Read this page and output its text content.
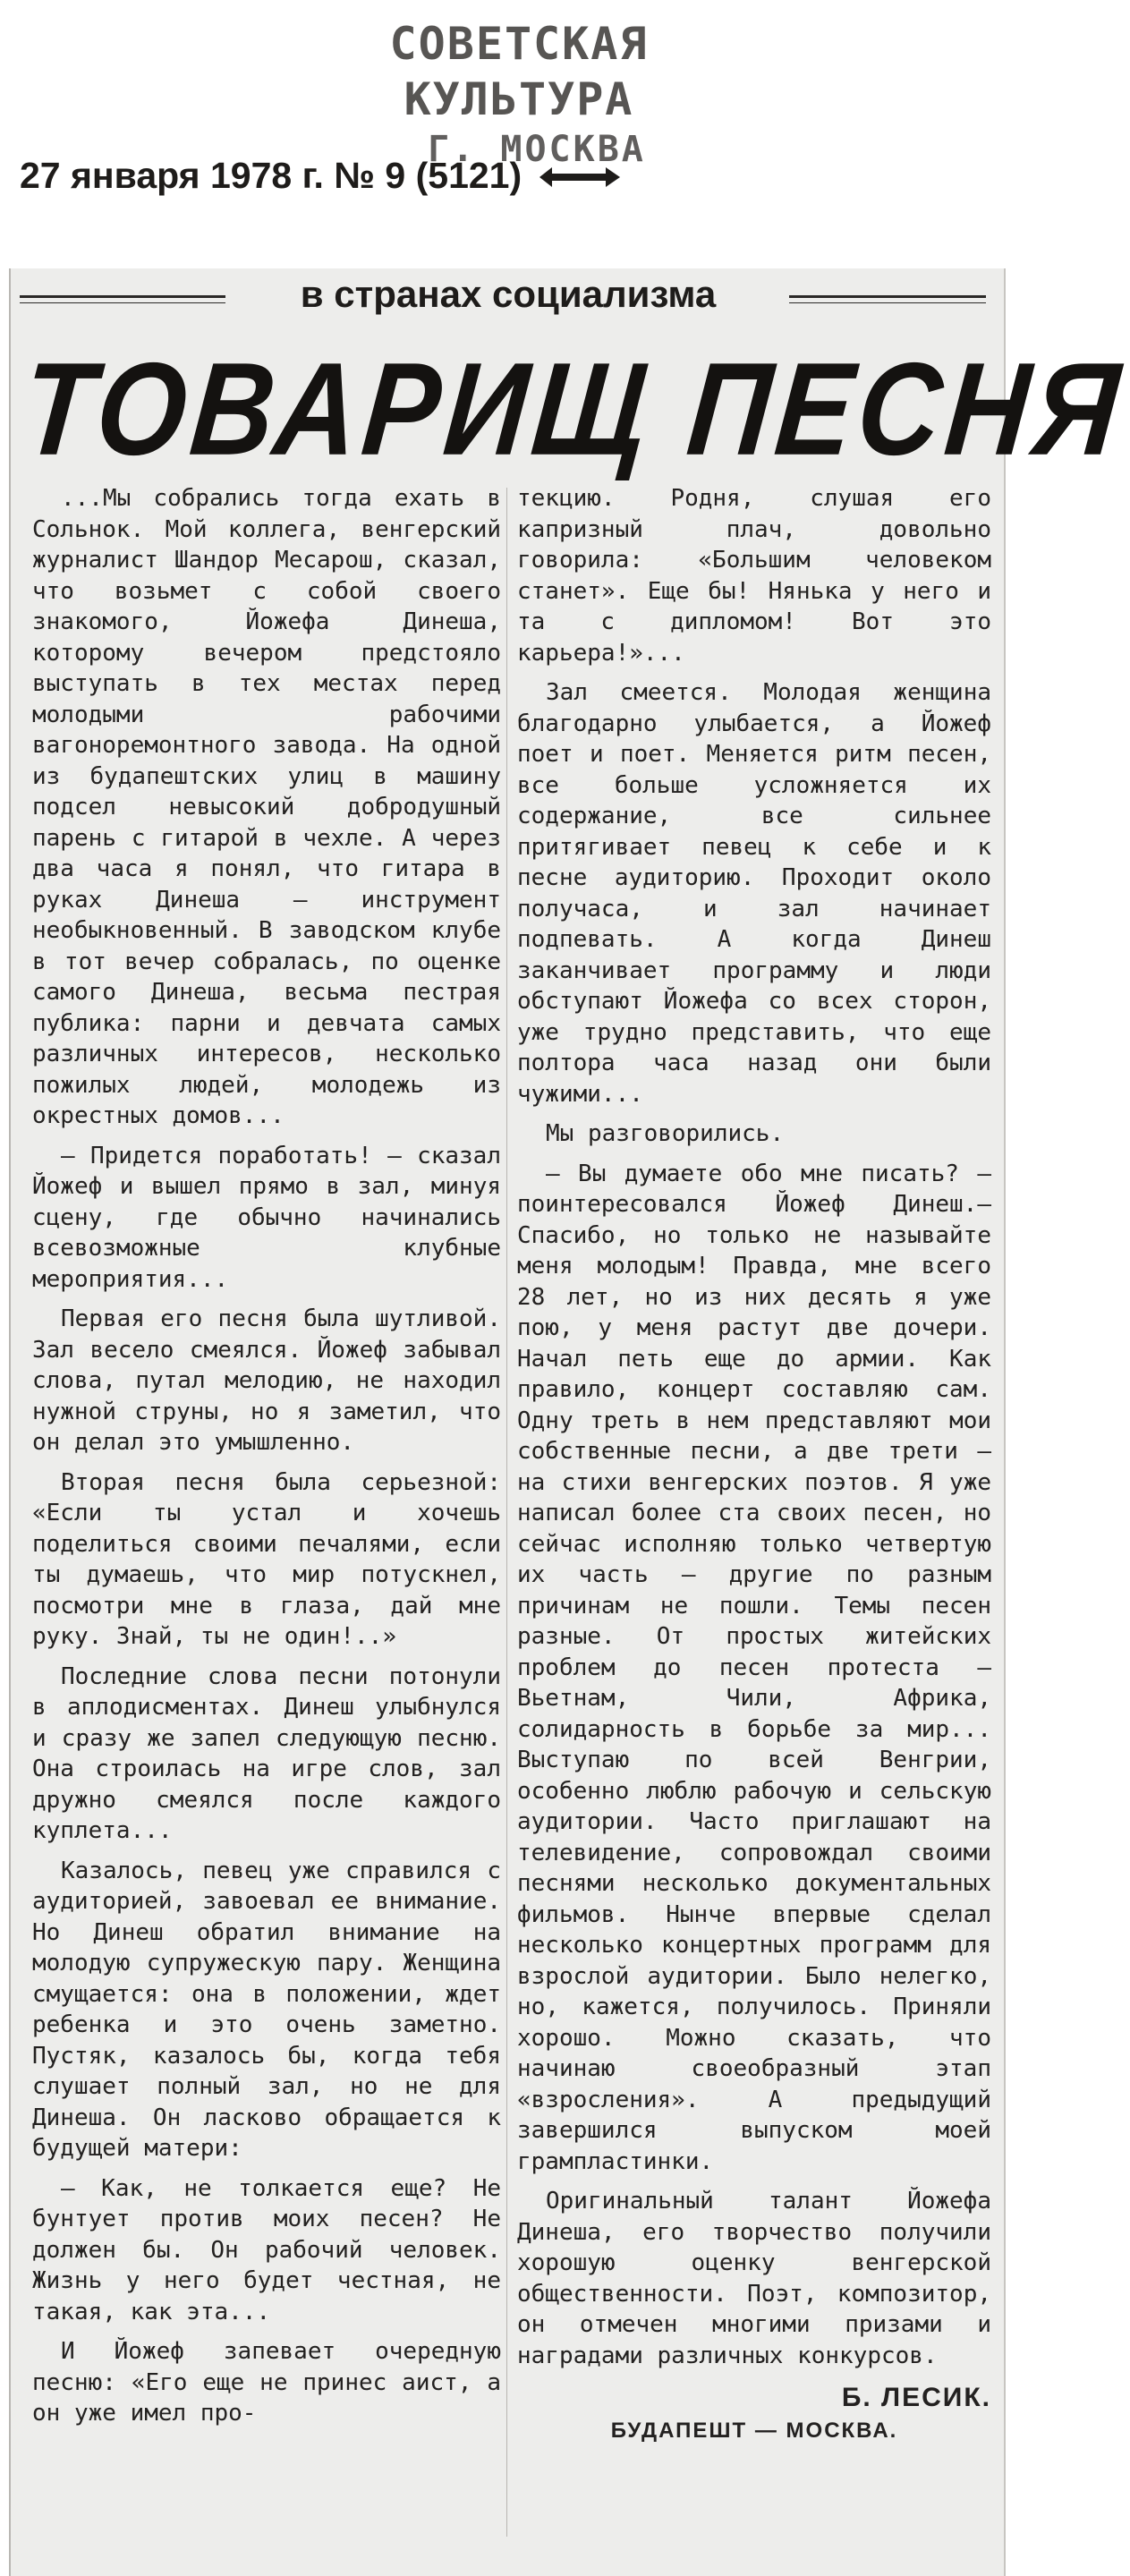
СОВЕТСКАЯ КУЛЬТУРА
Г. МОСКВА
27 января 1978 г. № 9 (5121)
в странах социализма
ТОВАРИЩ ПЕСНЯ

...Мы собрались тогда ехать в Сольнок. Мой коллега, венгерский журналист Шандор Месарош, сказал, что возьмет с собой своего знакомого, Йожефа Динеша, которому вечером предстояло выступать в тех местах перед молодыми рабочими вагоноремонтного завода. На одной из будапештских улиц в машину подсел невысокий добродушный парень с гитарой в чехле. А через два часа я понял, что гитара в руках Динеша — инструмент необыкновенный. В заводском клубе в тот вечер собралась, по оценке самого Динеша, весьма пестрая публика: парни и девчата самых различных интересов, несколько пожилых людей, молодежь из окрестных домов...

— Придется поработать! — сказал Йожеф и вышел прямо в зал, минуя сцену, где обычно начинались всевозможные клубные мероприятия...

Первая его песня была шутливой. Зал весело смеялся. Йожеф забывал слова, путал мелодию, не находил нужной струны, но я заметил, что он делал это умышленно.

Вторая песня была серьезной: «Если ты устал и хочешь поделиться своими печалями, если ты думаешь, что мир потускнел, посмотри мне в глаза, дай мне руку. Знай, ты не один!..»

Последние слова песни потонули в аплодисментах. Динеш улыбнулся и сразу же запел следующую песню. Она строилась на игре слов, зал дружно смеялся после каждого куплета...

Казалось, певец уже справился с аудиторией, завоевал ее внимание. Но Динеш обратил внимание на молодую супружескую пару. Женщина смущается: она в положении, ждет ребенка и это очень заметно. Пустяк, казалось бы, когда тебя слушает полный зал, но не для Динеша. Он ласково обращается к будущей матери:

— Как, не толкается еще? Не бунтует против моих песен? Не должен бы. Он рабочий человек. Жизнь у него будет честная, не такая, как эта...

И Йожеф запевает очередную песню: «Его еще не принес аист, а он уже имел про-

текцию. Родня, слушая его капризный плач, довольно говорила: «Большим человеком станет». Еще бы! Нянька у него и та с дипломом! Вот это карьера!»...

Зал смеется. Молодая женщина благодарно улыбается, а Йожеф поет и поет. Меняется ритм песен, все больше усложняется их содержание, все сильнее притягивает певец к себе и к песне аудиторию. Проходит около получаса, и зал начинает подпевать. А когда Динеш заканчивает программу и люди обступают Йожефа со всех сторон, уже трудно представить, что еще полтора часа назад они были чужими...

Мы разговорились.

— Вы думаете обо мне писать? — поинтересовался Йожеф Динеш.— Спасибо, но только не называйте меня молодым! Правда, мне всего 28 лет, но из них десять я уже пою, у меня растут две дочери. Начал петь еще до армии. Как правило, концерт составляю сам. Одну треть в нем представляют мои собственные песни, а две трети — на стихи венгерских поэтов. Я уже написал более ста своих песен, но сейчас исполняю только четвертую их часть — другие по разным причинам не пошли. Темы песен разные. От простых житейских проблем до песен протеста — Вьетнам, Чили, Африка, солидарность в борьбе за мир... Выступаю по всей Венгрии, особенно люблю рабочую и сельскую аудитории. Часто приглашают на телевидение, сопровождал своими песнями несколько документальных фильмов. Нынче впервые сделал несколько концертных программ для взрослой аудитории. Было нелегко, но, кажется, получилось. Приняли хорошо. Можно сказать, что начинаю своеобразный этап «взросления». А предыдущий завершился выпуском моей грампластинки.

Оригинальный талант Йожефа Динеша, его творчество получили хорошую оценку венгерской общественности. Поэт, композитор, он отмечен многими призами и наградами различных конкурсов.

Б. ЛЕСИК.
БУДАПЕШТ — МОСКВА.
